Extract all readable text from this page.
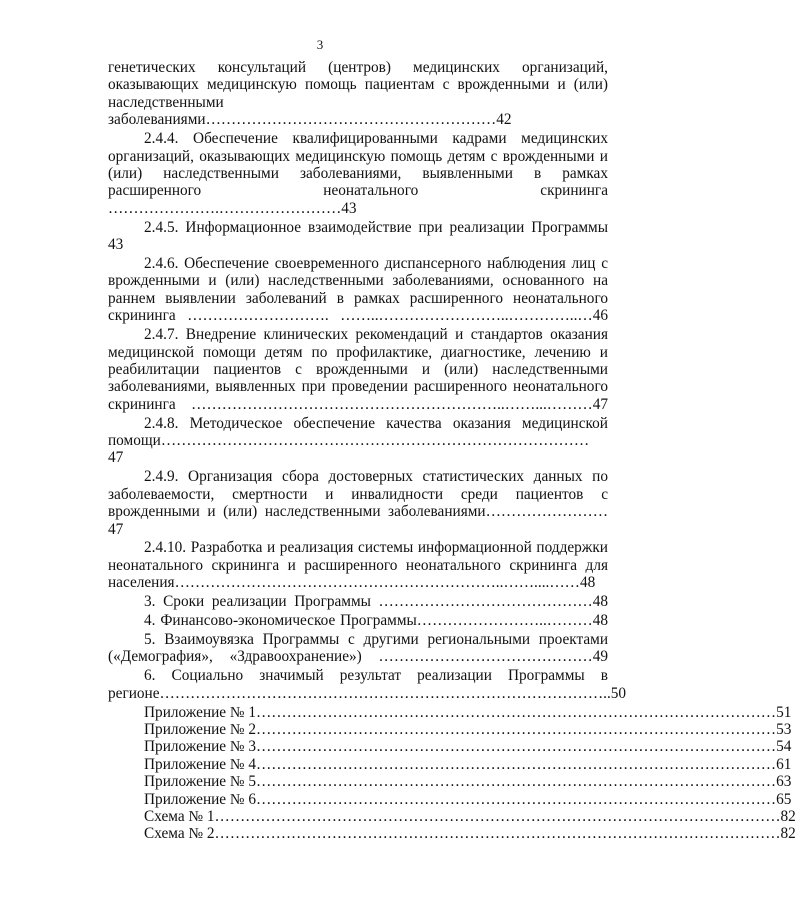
3

генетических консультаций (центров) медицинских организаций, оказывающих медицинскую помощь пациентам с врожденными и (или) наследственными заболеваниями…………………………………………………42

2.4.4. Обеспечение квалифицированными кадрами медицинских организаций, оказывающих медицинскую помощь детям с врожденными и (или) наследственными заболеваниями, выявленными в рамках расширенного неонатального скрининга ………………….……………………43

2.4.5. Информационное взаимодействие при реализации Программы 43

2.4.6. Обеспечение своевременного диспансерного наблюдения лиц с врожденными и (или) наследственными заболеваниями, основанного на раннем выявлении заболеваний в рамках расширенного неонатального скрининга ………………………. ……..……………………..…………..…46

2.4.7. Внедрение клинических рекомендаций и стандартов оказания медицинской помощи детям по профилактике, диагностике, лечению и реабилитации пациентов с врожденными и (или) наследственными заболеваниями, выявленных при проведении расширенного неонатального скрининга ……………………………………………………..……...………47

2.4.8. Методическое обеспечение качества оказания медицинской помощи………………………………………………………………………… 47

2.4.9. Организация сбора достоверных статистических данных по заболеваемости, смертности и инвалидности среди пациентов с врожденными и (или) наследственными заболеваниями……………………47

2.4.10. Разработка и реализация системы информационной поддержки неонатального скрининга и расширенного неонатального скрининга для населения………………………………………………………..……....……48

3. Сроки реализации Программы ……………………………………48

4. Финансово-экономическое Программы……………………..………48

5. Взаимоувязка Программы с другими региональными проектами («Демография», «Здравоохранение») ……………………………………49

6. Социально значимый результат реализации Программы в регионе……………………………………………………………………………..50

Приложение № 1 ………………………………………………………………………………………… 51
Приложение № 2 ………………………………………………………………………………………… 53
Приложение № 3 ………………………………………………………………………………………… 54
Приложение № 4 ………………………………………………………………………………………… 61
Приложение № 5 ………………………………………………………………………………………… 63
Приложение № 6 ………………………………………………………………………………………… 65
Схема № 1 ………………………………………………………………………………………………… 82
Схема № 2 ………………………………………………………………………………………………… 82
